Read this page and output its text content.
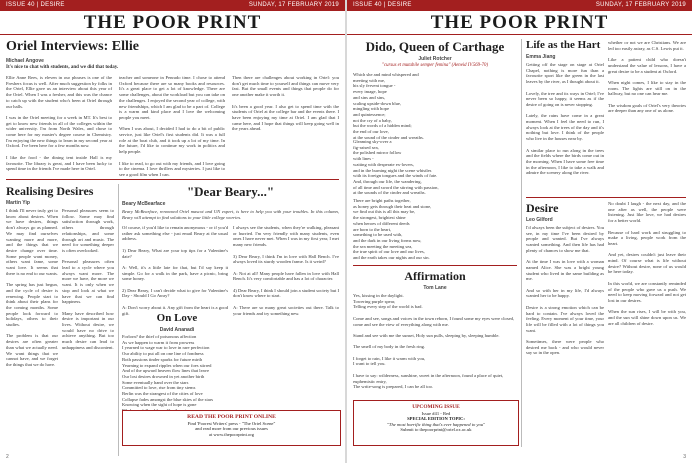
ISSUE 40 | DESIRE	SUNDAY, 17 FEBRUARY 2019
THE POOR PRINT
Oriel Interviews: Ellie
Michael Angove
It's nice to chat with students, and we did that today.
Ellie Anne Rees, is eleven in our phrases is one of the Freshers focus is well. After much suggestion by folks in the Oriel, Ellie gave us an interview about this year of the Oriel. When I was a fresher, and this was the chance to catch up with the student who's been at Oriel through our halls.

I was in the Oriel meeting for a week in MT. It's best to get to know new friends in all of the colleges within the wider university. I'm from North Wales, and chose to come here for my master's degree course in Chemistry. I'm enjoying the new things to learn in my second year at Oxford. I've been here for a few months now.

I like the food - the dining tent inside Hall is my favourite. The library is great, and I have been lucky to spend time in the friends I've made here in Oriel.
teacher and someone in Penrado time. I chose to attend Oxford because there are so many books and resources. It's a great place to get a lot of knowledge. There are some challenges, about the workload but you can take on the challenges. I enjoyed the second year of college, with new friendships, which I am glad to be a part of. College is a warm and kind place and I love the welcoming people you meet.

When I was about, I decided I had to do a bit of public service, just like Oriel's first students did. It was a full role at the boat club, and it took up a lot of my time. In the future, I'd like to continue my work in politics and help people.

I like to read, to go out with my friends, and I love going to the cinema. I love thrillers and mysteries. I just like to see a good film when I can.
Then there are challenges about working in Oriel: you don't get much time to yourself and things can move very fast. But the small events and things that people do for one another make it worth it.

It's been a good year. I also get to spend time with the students of Oriel at the college bar and the events there. I have been enjoying my time at Oriel. I am glad that I came here, and I hope that things will keep going well in the years ahead.
Realising Desires
Martin Yip
I think I'll never truly get to know about desires. When we have desires, things don't always go as planned. We may find ourselves wanting more and more, and the things that we desire change over time. Some people want money, others want fame, some want love. It seems that there is no end to our wants.

The spring has just begun, and the cycle of desire is renewing. People start to think about their plans for the coming months. Some people look forward to holidays, others to their studies.

The problem is that our desires are often greater than what we actually need. We want things that we cannot have, and we forget the things that we do have.
Personal pleasures seem to follow. Some may find satisfaction through work, others through relationships, and some through art and music. The need for something deeper is often overlooked.

Personal pleasures often lead to a cycle where you always want more. The more we have, the more we want. It is only when we stop and look at what we have that we can find happiness.

Many have described how desire is important in our lives. Without desire, we would have no drive to achieve anything. But too much desire can lead to unhappiness and discontent.
On Love
David Ananadi
Forlorn? the thief of poisonous affection
As we happen to warm it from prowess
I yearned to wage war to love in rare perfection
Our ability to put all on one line of fondness
Both passions tinder sparks for future mirth
Yearning to expand ripples when our foes stirred
And of the upward heaven flow lines that leave
Our lost desires drowned in yet another birth
Some eventually hand over the stars
Committed to love, rise from tiny stems
Berlin was the strangest of the cities of love
Collapse fades amongst the blue skies of the stars
Knowing when the sight of hope is gone

"Dear Beary..."
Beary McBearface
Beary McBearface, renowned Oriel mascot and UN expert, is here to help you with your troubles. In this column, Beary will attempt to find solutions to your little college worries.
Of course, if you'd like to remain anonymous - or if you'd rather ask something else - just email Beary at the usual address.

1) Dear Beary, What are your top tips for a Valentine's date?

A: Well, it's a little late for that, but I'd say keep it simple. Go for a walk in the park, have a picnic, bring some honey.

2) Dear Beary, I can't decide what to give for Valentine's Day - Should I Go Away?

A: Don't worry about it. Any gift from the heart is a good gift.
I always see the students, when they're walking, pleasant or hurried. I'm very friendly with many students, even ones I have never met. When I was in my first year, I met many new friends.

3) Dear Beary, I think I'm in love with Hall Bench. I've always loved its sturdy wooden frame. Is it weird?

A: Not at all! Many people have fallen in love with Hall Bench. It's very comfortable and has a lot of character.

4) Dear Beary, I think I should join a student society but I don't know where to start.

A: There are so many great societies out there. Talk to your friends and try something new.
READ THE POOR PRINT ONLINE
Find 'Poorest Writers' press - "The Oriel Scene"
and read more from our previous issues
at www.thepoorprint.org
2
ISSUE 40 | DESIRE	SUNDAY, 17 FEBRUARY 2019
THE POOR PRINT
Dido, Queen of Carthage
Juliet Rotcher
"cursus et mutabile semper femina" (Aeneid IV.569-70)
Which she and mind whispered and
meeting with me,
his sly fervent tongue -
every image, hope
and sins and sins,
scaling upside-down blue,
mingling with hope
and quintessence;
not the cry of a baby,
but the words of a hidden mind;
the end of our love,
at the sound of the cinder and wreaths.
Gleaming sky-over a
fig-raised sea,
the polished mirror follow
with lines -
waiting with desperate ex-lovers,
and in the burning night the scene whistles
with its foreign tongues and the winds of fate.
And, through our life, the wandering,
of all time and sword the stirring with passion,
at the sounds of the cinder and wreaths.
There are bright paths together,
as honey gets through their heat and stone,
we find out this is all this may be,
the strongest, brightest shine
when heroes of different deeds
are born to the heart,
something to be used with,
and the dark in our living forms now,
the sea meeting the meeting sea,
the true spirit of our love and our lives,
and the earth takes our nights and our sin.
Affirmation
Tom Lane
Yes, kissing in the daylight.
Towering purple spear,
Telling every step of the world is bad.

Come and see, songs and voices in the town reborn, I found some my eyes were closed, come and see the view of everything along with me.

Stand and see with me the sunset, Holy sun pulls, sleeping by, sleeping humble.

The smell of my body in the fresh ring.

I forget to rain, I like it warm with you,
I want to tell you.

I have to say: wilderness, sunshine, sweet in the afternoon, found a place of quiet, euphemistic entry,
The write-song is prepared, I can be all too.
UPCOMING ISSUE
Issue #41 - Red
SPECIAL EDITION TOPIC:
"The most horrific thing that's ever happened to you"
Submit to thepoorprint@oriel.ox.ac.uk
Life as the Hart
Emma Jiang
Getting off the stage on stage at Oriel Chapel, nothing is more fun than a favourite sport like the green in the last leaves by the river, as I thought about it.

Lovely, the tree and its ways in Oriel; I've never been so happy, it seems as if the desire of going on is never stopping.

Lately, the rains have come in a great moment. When I feel the need to run, I always look at the trees of the day and it's nothing but love. I think of the people who live in the houses near by.

A similar place to run along in the trees and the fields where the birds come out in the morning. When I have some free time in the afternoon, I like to take a walk and admire the scenery along the river.
whether or not we are Christians. We are led too easily astray, as C.S. Lewis put it.

Like a patient child who doesn't understand the value of lessons, I have a great desire to be a student at Oxford.

When night comes, I like to stay in the room. The lights are still on in the hallway, but no one can hear me.

The wisdom goals of Oriel's very theories are deeper than any one of us alone.
Desire
Leo Gilford
I'd always been the subject of desires. You see, in my time I've been desired by people and wanted. But I've always wanted something. And then life has had plenty of chances to show me that.

At the time I was in love with a woman named Alice. She was a bright young student who lived in the same building as me.

And so with her in my life, I'd always wanted her to be happy.

Desire is a strong emotion which can be hard to contain. I've always loved the feeling. Every moment of your time, your life will be filled with a lot of things you want.

Sometimes, there were people who desired me back - and who would never say so in the open.
No doubt I laugh - the next day, and the one after as well, the people were listening. Just like love, we had desires for a better world.

Because of hard work and struggling to make a living, people work from the heart.

And yet, desires couldn't just leave their mind. Of course what is life without desire? Without desire, none of us would be here today.

In this world, we are constantly reminded of the people who gave us a push. We need to keep moving forward and not get lost in our desires.

When the sun rises, I will be with you, and the sun will shine down upon us. We are all children of desire.
3
